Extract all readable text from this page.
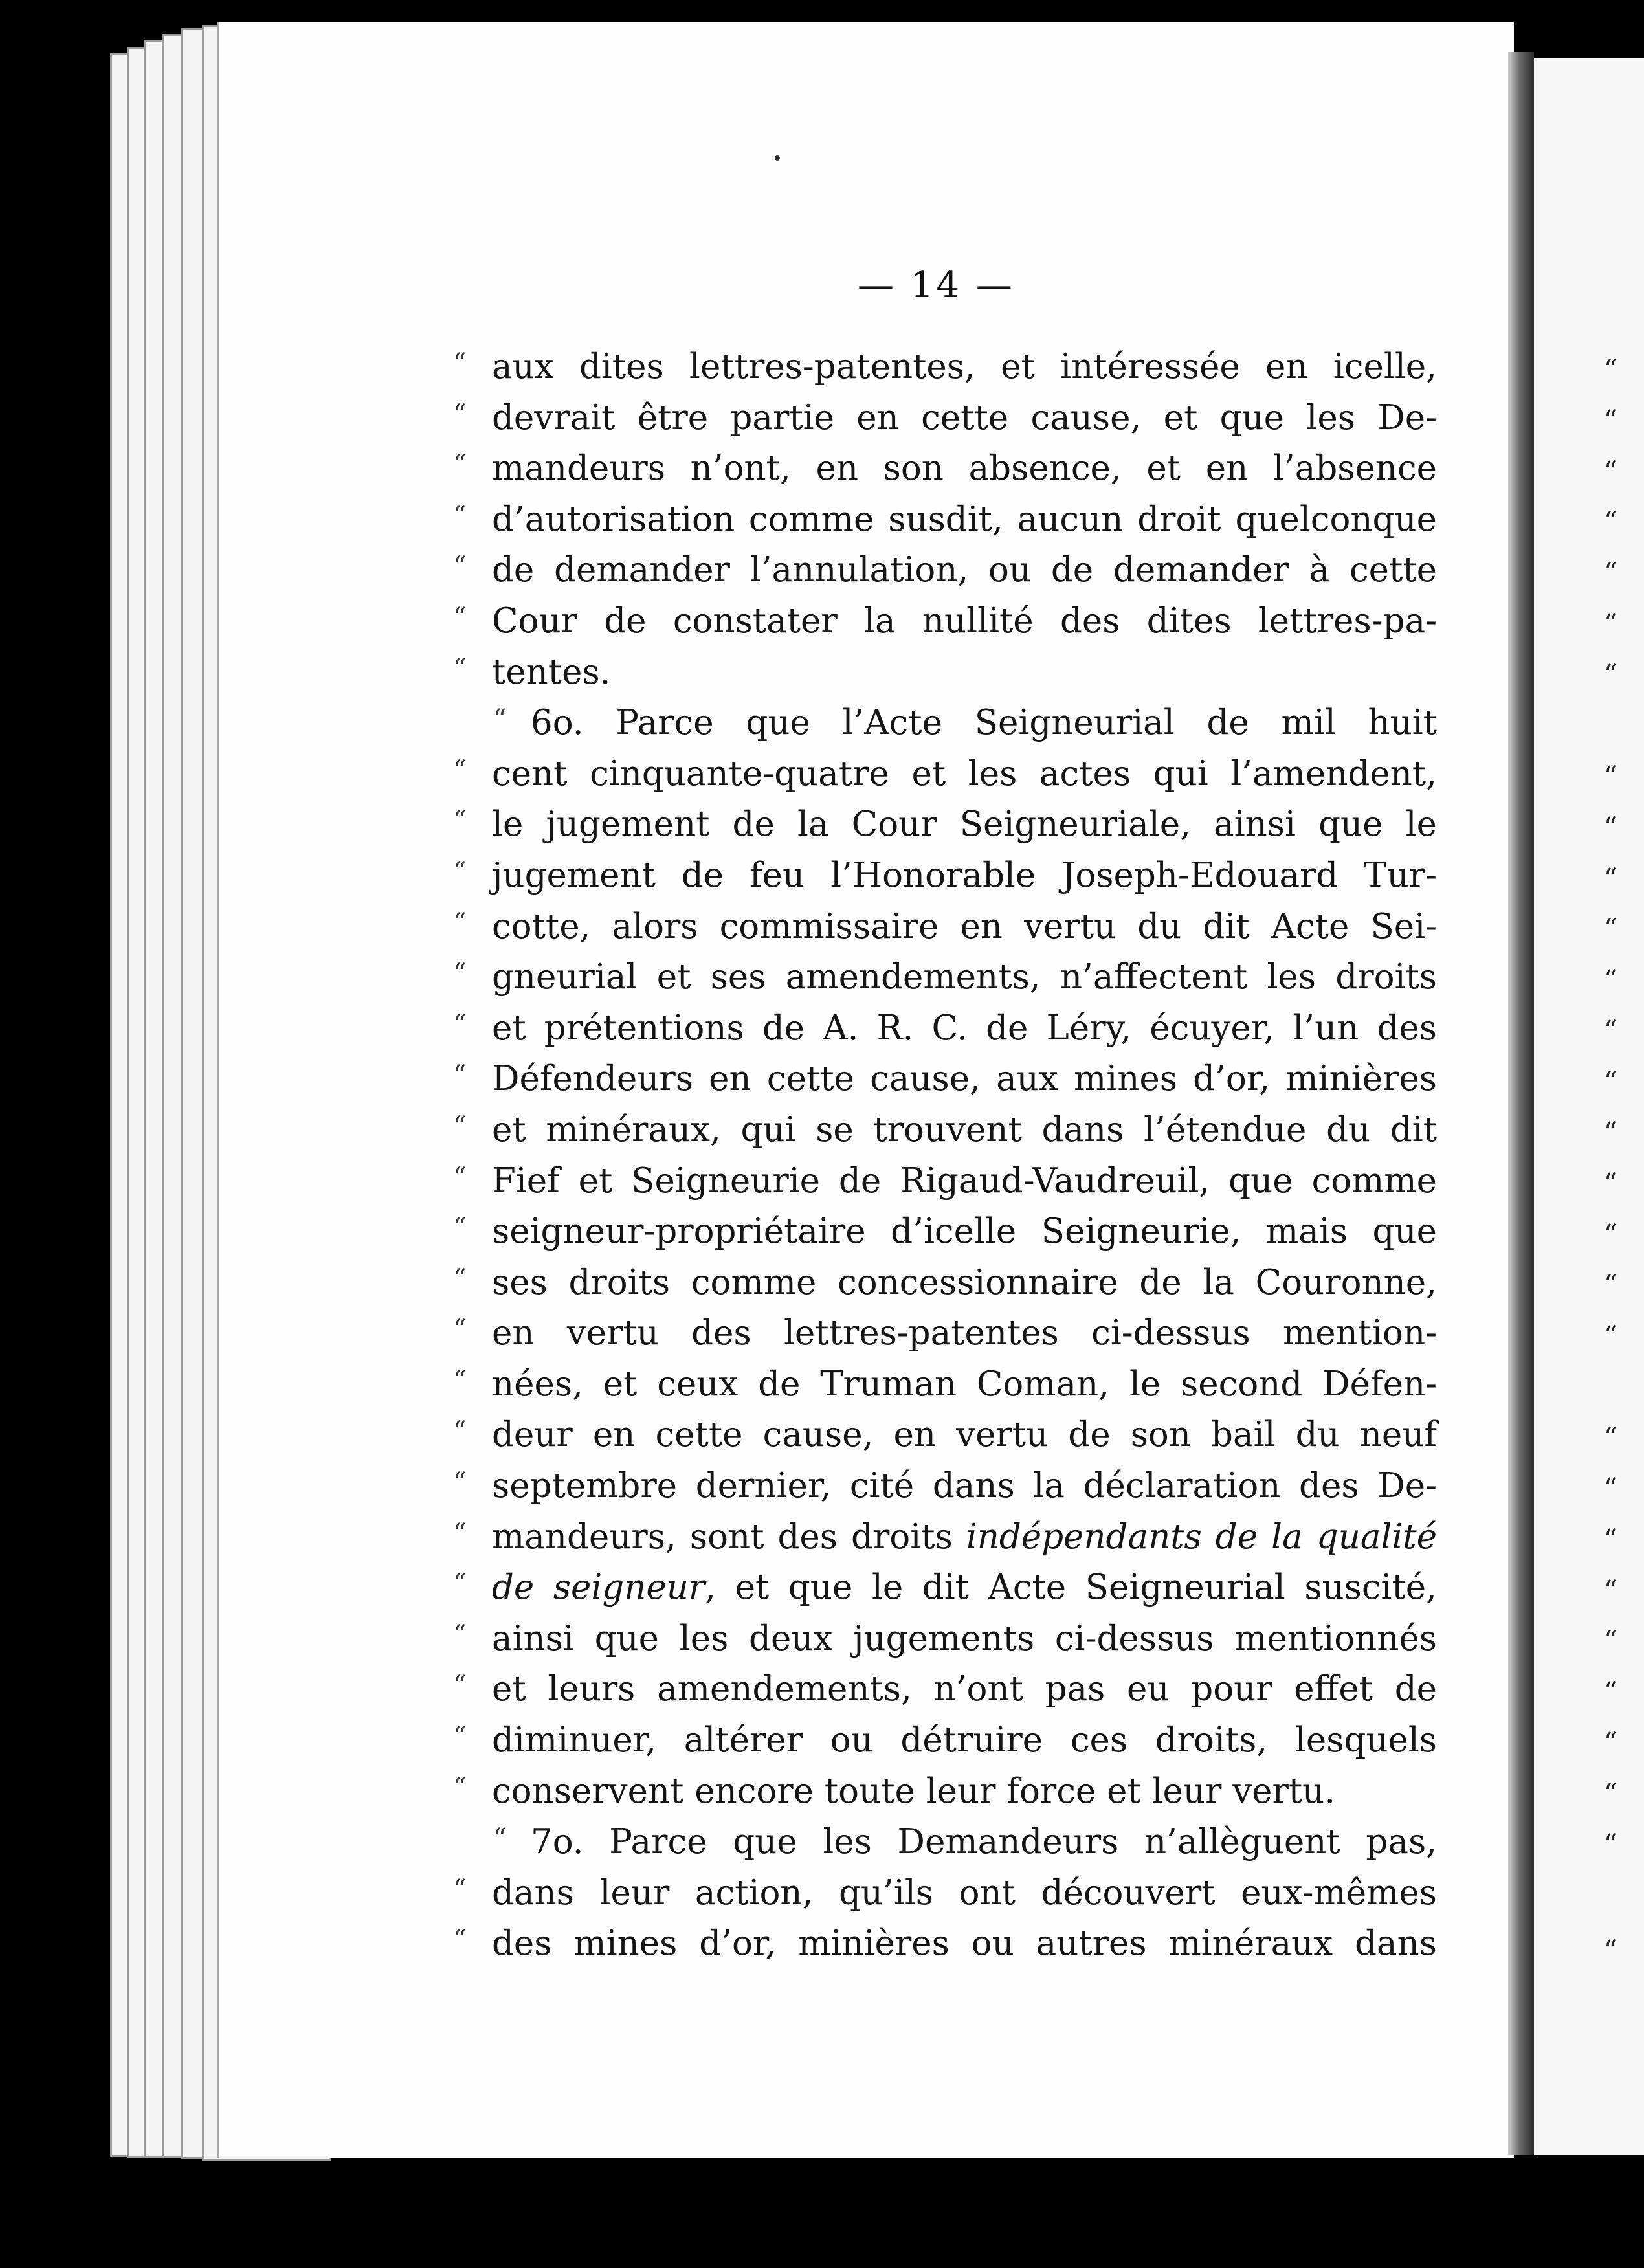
— 14 —
“ aux dites lettres-patentes, et intéressée en icelle,
“ devrait être partie en cette cause, et que les De-
“ mandeurs n’ont, en son absence, et en l’absence
“ d’autorisation comme susdit, aucun droit quelconque
“ de demander l’annulation, ou de demander à cette
“ Cour de constater la nullité des dites lettres-pa-
“ tentes.
“ 6o. Parce que l’Acte Seigneurial de mil huit
“ cent cinquante-quatre et les actes qui l’amendent,
“ le jugement de la Cour Seigneuriale, ainsi que le
“ jugement de feu l’Honorable Joseph-Edouard Tur-
“ cotte, alors commissaire en vertu du dit Acte Sei-
“ gneurial et ses amendements, n’affectent les droits
“ et prétentions de A. R. C. de Léry, écuyer, l’un des
“ Défendeurs en cette cause, aux mines d’or, minières
“ et minéraux, qui se trouvent dans l’étendue du dit
“ Fief et Seigneurie de Rigaud-Vaudreuil, que comme
“ seigneur-propriétaire d’icelle Seigneurie, mais que
“ ses droits comme concessionnaire de la Couronne,
“ en vertu des lettres-patentes ci-dessus mention-
“ nées, et ceux de Truman Coman, le second Défen-
“ deur en cette cause, en vertu de son bail du neuf
“ septembre dernier, cité dans la déclaration des De-
“ mandeurs, sont des droits indépendants de la qualité
“ de seigneur, et que le dit Acte Seigneurial suscité,
“ ainsi que les deux jugements ci-dessus mentionnés
“ et leurs amendements, n’ont pas eu pour effet de
“ diminuer, altérer ou détruire ces droits, lesquels
“ conservent encore toute leur force et leur vertu.
“ 7o. Parce que les Demandeurs n’allèguent pas,
“ dans leur action, qu’ils ont découvert eux-mêmes
“ des mines d’or, minières ou autres minéraux dans
“
“
“
“
“
“
“
“
“
“
“
“
“
“
“
“
“
“
“
“
“
“
“
“
“
“
“
“
“
